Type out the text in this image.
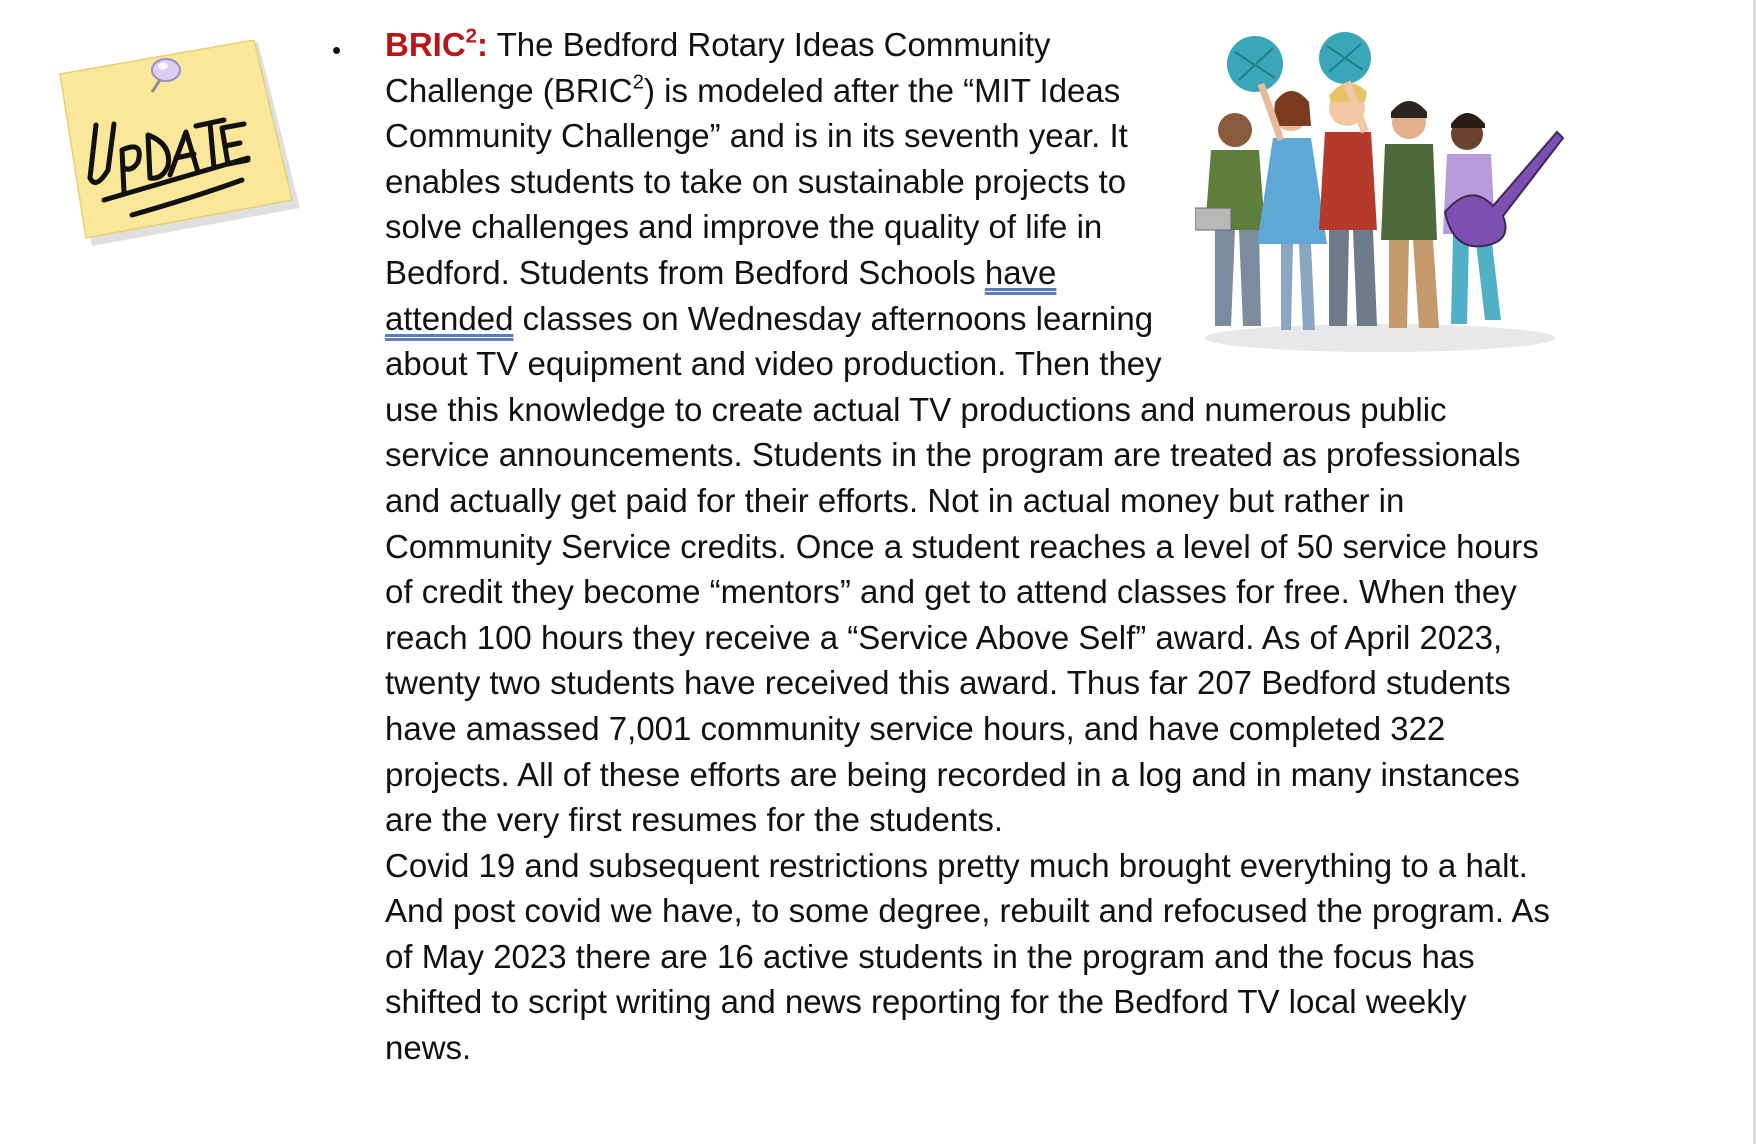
• BRIC$^2$: The Bedford Rotary Ideas Community Challenge (BRIC$^2$) is modeled after the “MIT Ideas Community Challenge” and is in its seventh year. It enables students to take on sustainable projects to solve challenges and improve the quality of life in Bedford. Students from Bedford Schools have attended classes on Wednesday afternoons learning about TV equipment and video production. Then they use this knowledge to create actual TV productions and numerous public service announcements. Students in the program are treated as professionals and actually get paid for their efforts. Not in actual money but rather in Community Service credits. Once a student reaches a level of 50 service hours of credit they become “mentors” and get to attend classes for free. When they reach 100 hours they receive a “Service Above Self” award. As of April 2023, twenty two students have received this award. Thus far 207 Bedford students have amassed 7,001 community service hours, and have completed 322 projects. All of these efforts are being recorded in a log and in many instances are the very first resumes for the students.

Covid 19 and subsequent restrictions pretty much brought everything to a halt. And post covid we have, to some degree, rebuilt and refocused the program. As of May 2023 there are 16 active students in the program and the focus has shifted to script writing and news reporting for the Bedford TV local weekly news.
